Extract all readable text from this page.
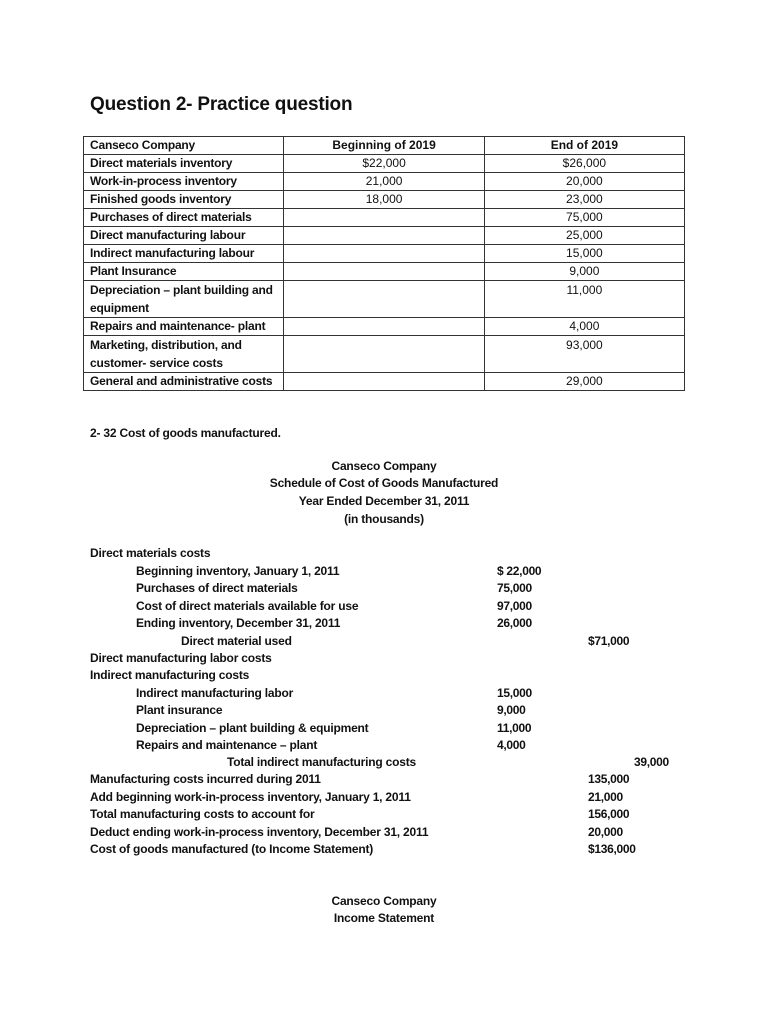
Question 2- Practice question
Canseco Company	Beginning of 2019	End of 2019
Direct materials inventory	$22,000	$26,000
Work-in-process inventory	21,000	20,000
Finished goods inventory	18,000	23,000
Purchases of direct materials		75,000
Direct manufacturing labour		25,000
Indirect manufacturing labour		15,000
Plant Insurance		9,000
Depreciation – plant building and equipment		11,000
Repairs and maintenance- plant		4,000
Marketing, distribution, and customer- service costs		93,000
General and administrative costs		29,000
2- 32 Cost of goods manufactured.
Canseco Company
Schedule of Cost of Goods Manufactured
Year Ended December 31, 2011
(in thousands)
Direct materials costs
Beginning inventory, January 1, 2011	$ 22,000
Purchases of direct materials	75,000
Cost of direct materials available for use	97,000
Ending inventory, December 31, 2011	26,000
Direct material used	$71,000
Direct manufacturing labor costs
Indirect manufacturing costs
Indirect manufacturing labor	15,000
Plant insurance	9,000
Depreciation – plant building & equipment	11,000
Repairs and maintenance – plant	4,000
Total indirect manufacturing costs	39,000
Manufacturing costs incurred during 2011	135,000
Add beginning work-in-process inventory, January 1, 2011	21,000
Total manufacturing costs to account for	156,000
Deduct ending work-in-process inventory, December 31, 2011	20,000
Cost of goods manufactured (to Income Statement)	$136,000
Canseco Company
Income Statement
